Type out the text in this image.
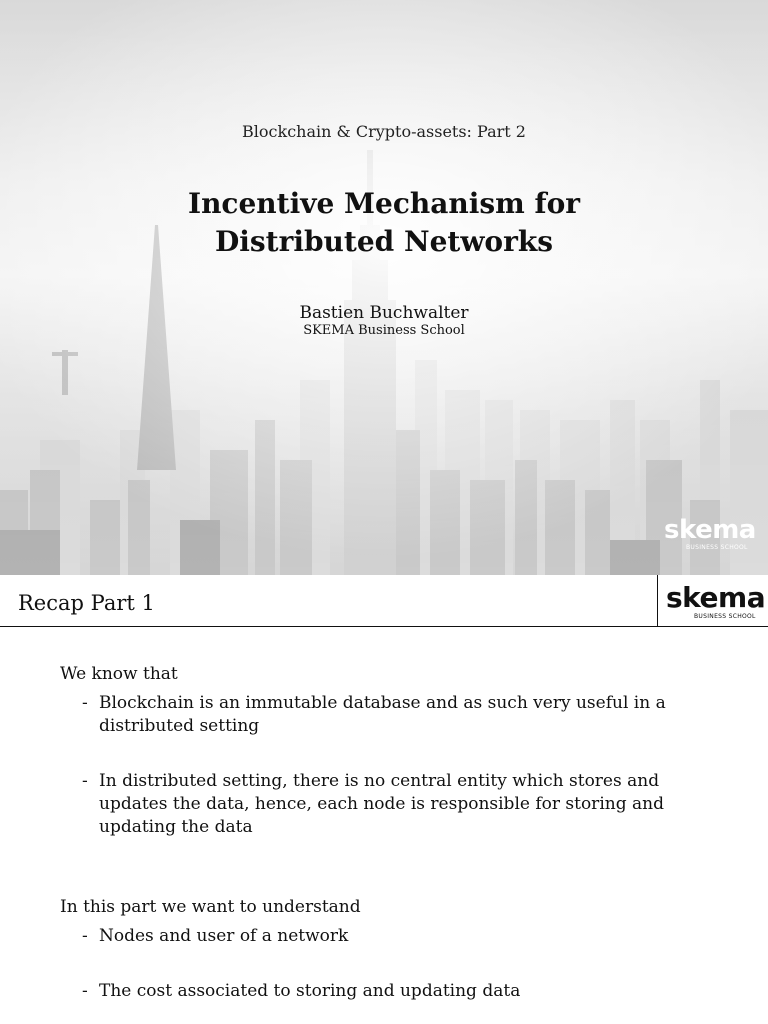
Blockchain & Crypto-assets: Part 2
Incentive Mechanism for
Distributed Networks
Bastien Buchwalter
SKEMA Business School
skema
BUSINESS SCHOOL
Recap Part 1	skema
BUSINESS SCHOOL
We know that
- Blockchain is an immutable database and as such very useful in a
distributed setting
- In distributed setting, there is no central entity which stores and
updates the data, hence, each node is responsible for storing and
updating the data
In this part we want to understand
- Nodes and user of a network
- The cost associated to storing and updating data
